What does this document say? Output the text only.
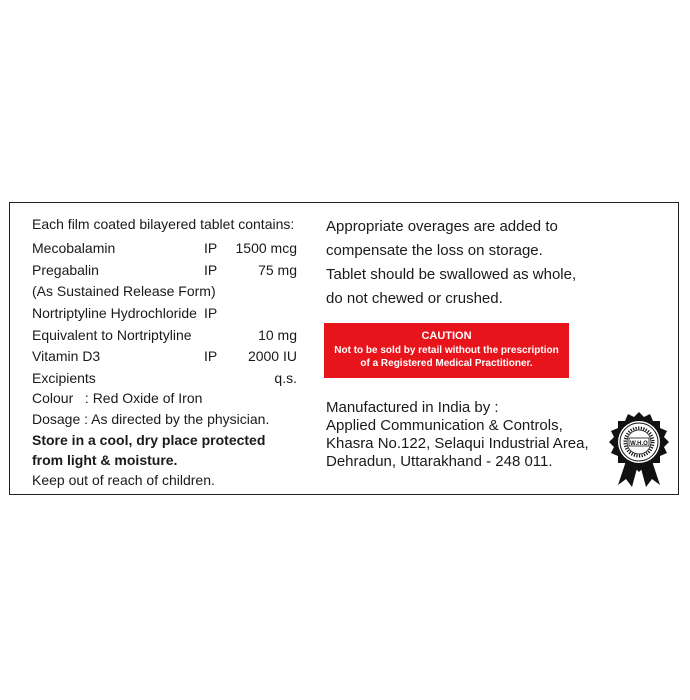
Each film coated bilayered tablet contains:
Mecobalamin	IP 1500 mcg
Pregabalin	IP	75 mg
(As Sustained Release Form)
Nortriptyline Hydrochloride IP
Equivalent to Nortriptyline	10 mg
Vitamin D3	IP 2000 IU
Excipients	q.s.
Colour   : Red Oxide of Iron
Dosage : As directed by the physician.
Store in a cool, dry place protected
from light & moisture.
Keep out of reach of children.
Appropriate overages are added to
compensate the loss on storage.
Tablet should be swallowed as whole,
do not chewed or crushed.
CAUTION
Not to be sold by retail without the prescription
of a Registered Medical Practitioner.
Manufactured in India by :
Applied Communication & Controls,
Khasra No.122, Selaqui Industrial Area,
Dehradun, Uttarakhand - 248 011.
W.H.O
